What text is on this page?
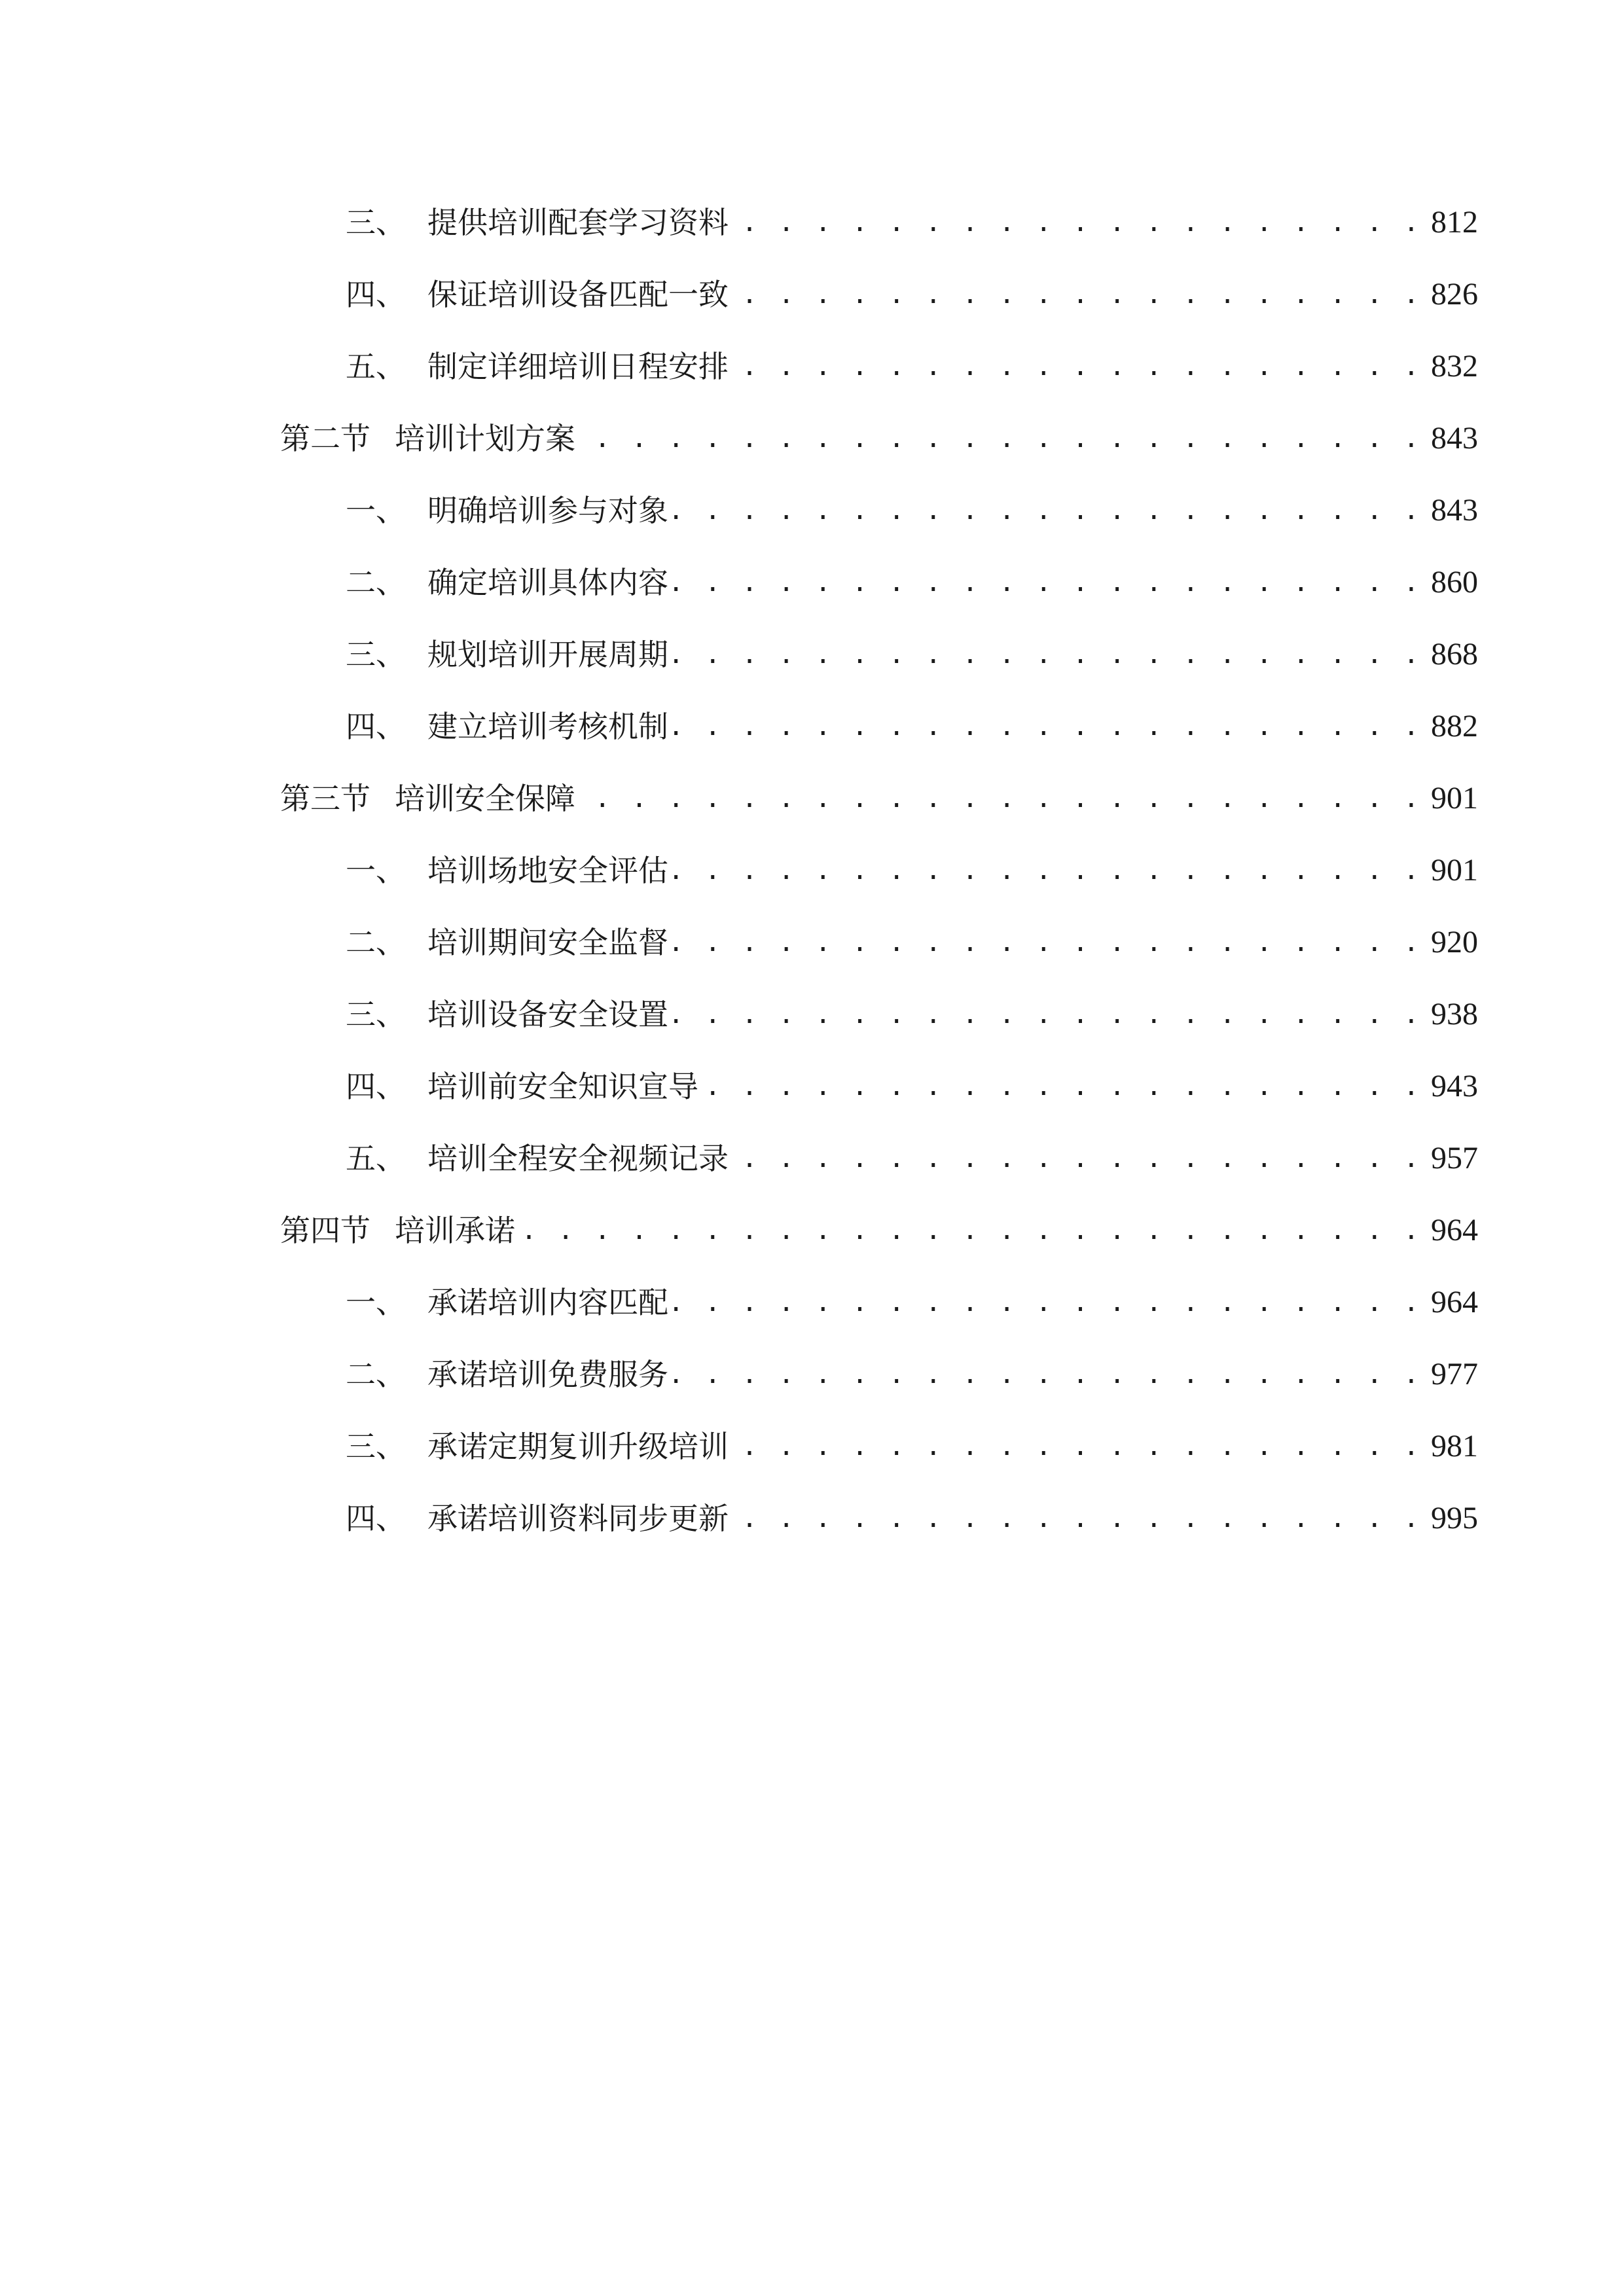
三、 提供培训配套学习资料 . . .	812
四、 保证培训设备匹配一致 . . .	826
五、 制定详细培训日程安排 . . .	832
第二节 培训计划方案 . . .	843
一、 明确培训参与对象 . . .	843
二、 确定培训具体内容 . . .	860
三、 规划培训开展周期 . . .	868
四、 建立培训考核机制 . . .	882
第三节 培训安全保障 . . .	901
一、 培训场地安全评估 . . .	901
二、 培训期间安全监督 . . .	920
三、 培训设备安全设置 . . .	938
四、 培训前安全知识宣导 . . .	943
五、 培训全程安全视频记录 . . .	957
第四节 培训承诺 . . .	964
一、 承诺培训内容匹配 . . .	964
二、 承诺培训免费服务 . . .	977
三、 承诺定期复训升级培训 . . .	981
四、 承诺培训资料同步更新 . . .	995
